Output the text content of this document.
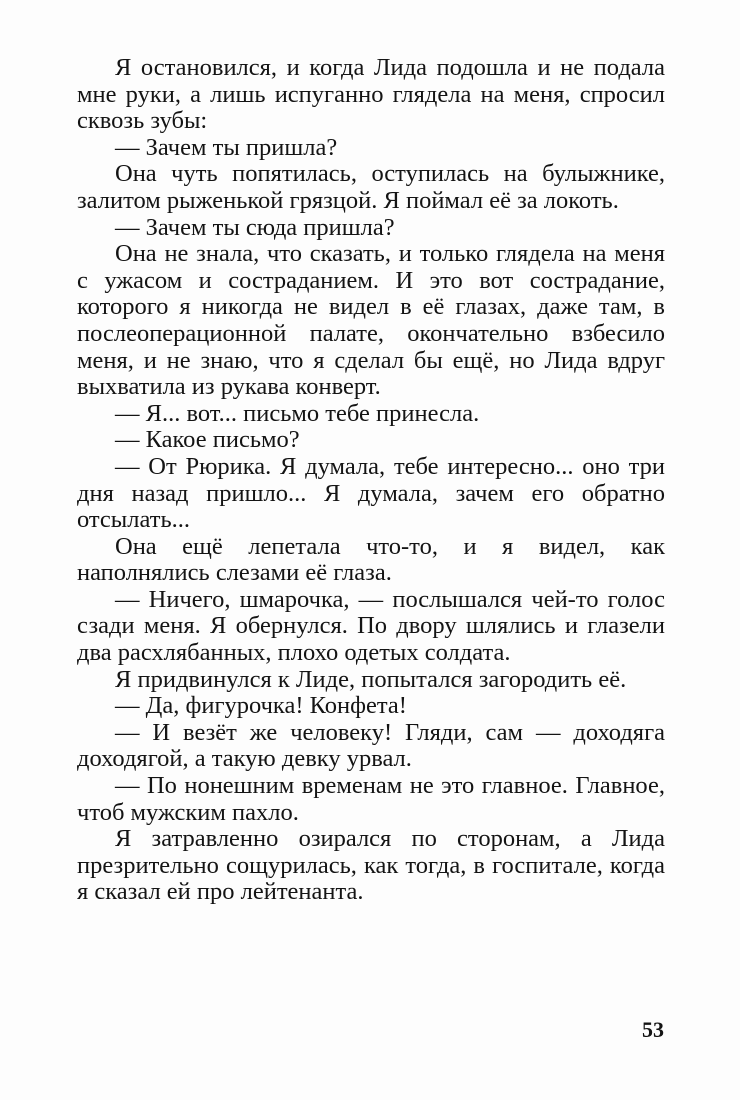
Я остановился, и когда Лида подошла и не подала мне руки, а лишь испуганно глядела на меня, спросил сквозь зубы:

— Зачем ты пришла?

Она чуть попятилась, оступилась на булыжнике, залитом рыженькой грязцой. Я поймал её за локоть.

— Зачем ты сюда пришла?

Она не знала, что сказать, и только глядела на меня с ужасом и состраданием. И это вот сострадание, которого я никогда не видел в её глазах, даже там, в послеоперационной палате, окончательно взбесило меня, и не знаю, что я сделал бы ещё, но Лида вдруг выхватила из рукава конверт.

— Я... вот... письмо тебе принесла.

— Какое письмо?

— От Рюрика. Я думала, тебе интересно... оно три дня назад пришло... Я думала, зачем его обратно отсылать...

Она ещё лепетала что-то, и я видел, как наполнялись слезами её глаза.

— Ничего, шмарочка, — послышался чей-то голос сзади меня. Я обернулся. По двору шлялись и глазели два расхлябанных, плохо одетых солдата.

Я придвинулся к Лиде, попытался загородить её.

— Да, фигурочка! Конфета!

— И везёт же человеку! Гляди, сам — доходяга доходягой, а такую девку урвал.

— По нонешним временам не это главное. Главное, чтоб мужским пахло.

Я затравленно озирался по сторонам, а Лида презрительно сощурилась, как тогда, в госпитале, когда я сказал ей про лейтенанта.

53
